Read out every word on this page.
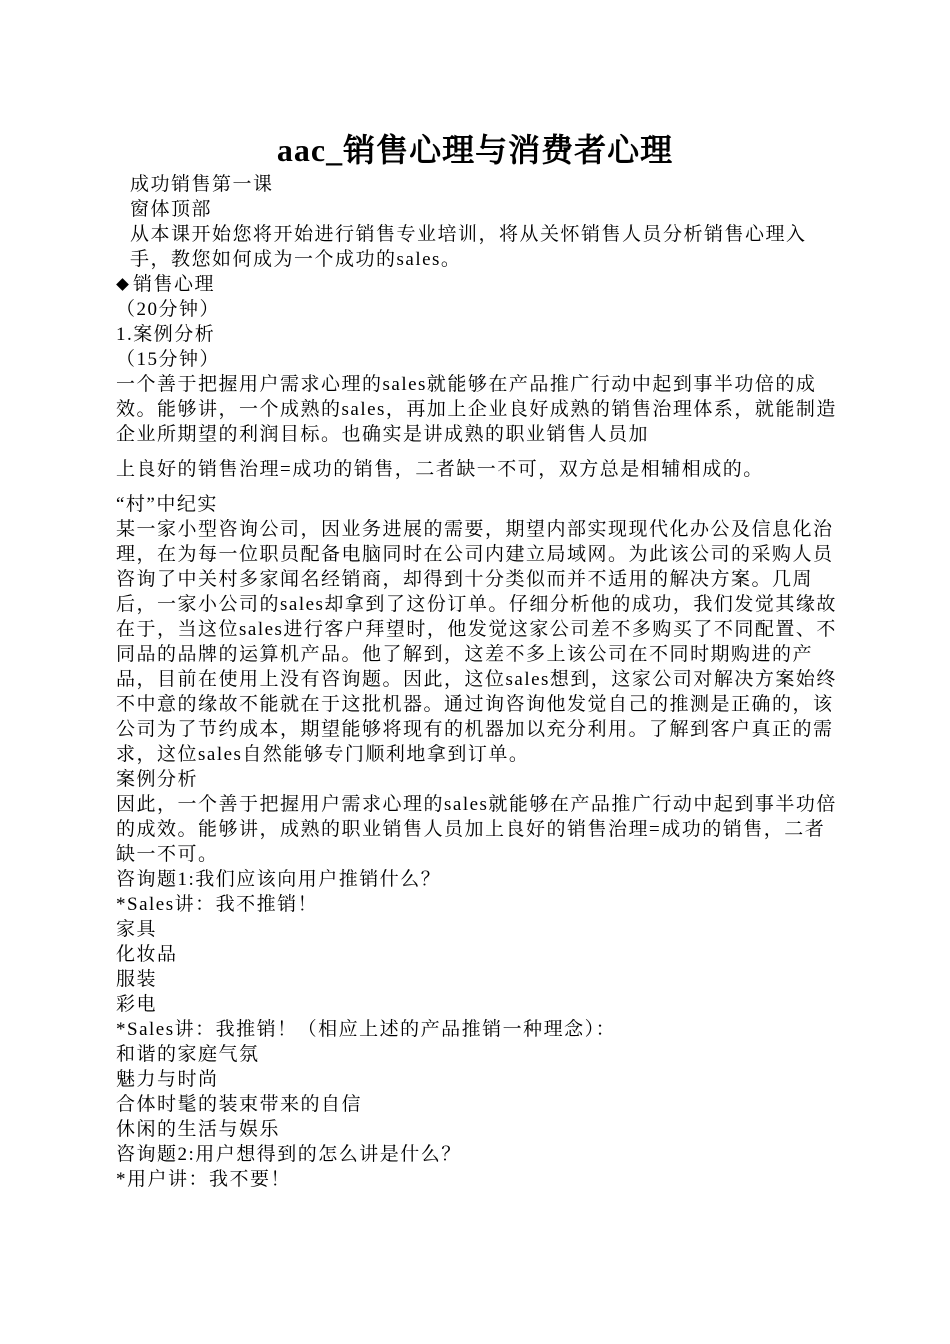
aac_销售心理与消费者心理

成功销售第一课

窗体顶部

从本课开始您将开始进行销售专业培训，将从关怀销售人员分析销售心理入手，教您如何成为一个成功的sales。

销售心理

（20分钟）

1.案例分析

（15分钟）

一个善于把握用户需求心理的sales就能够在产品推广行动中起到事半功倍的成效。能够讲，一个成熟的sales，再加上企业良好成熟的销售治理体系，就能制造企业所期望的利润目标。也确实是讲成熟的职业销售人员加

上良好的销售治理=成功的销售，二者缺一不可，双方总是相辅相成的。

“村”中纪实

某一家小型咨询公司，因业务进展的需要，期望内部实现现代化办公及信息化治理，在为每一位职员配备电脑同时在公司内建立局域网。为此该公司的采购人员咨询了中关村多家闻名经销商，却得到十分类似而并不适用的解决方案。几周后，一家小公司的sales却拿到了这份订单。仔细分析他的成功，我们发觉其缘故在于，当这位sales进行客户拜望时，他发觉这家公司差不多购买了不同配置、不同品的品牌的运算机产品。他了解到，这差不多上该公司在不同时期购进的产品，目前在使用上没有咨询题。因此，这位sales想到，这家公司对解决方案始终不中意的缘故不能就在于这批机器。通过询咨询他发觉自己的推测是正确的，该公司为了节约成本，期望能够将现有的机器加以充分利用。了解到客户真正的需求，这位sales自然能够专门顺利地拿到订单。

案例分析

因此，一个善于把握用户需求心理的sales就能够在产品推广行动中起到事半功倍的成效。能够讲，成熟的职业销售人员加上良好的销售治理=成功的销售，二者缺一不可。

咨询题1:我们应该向用户推销什么？

*Sales讲：我不推销！

家具

化妆品

服装

彩电

*Sales讲：我推销！（相应上述的产品推销一种理念）：

和谐的家庭气氛

魅力与时尚

合体时髦的装束带来的自信

休闲的生活与娱乐

咨询题2:用户想得到的怎么讲是什么？

*用户讲：我不要！
